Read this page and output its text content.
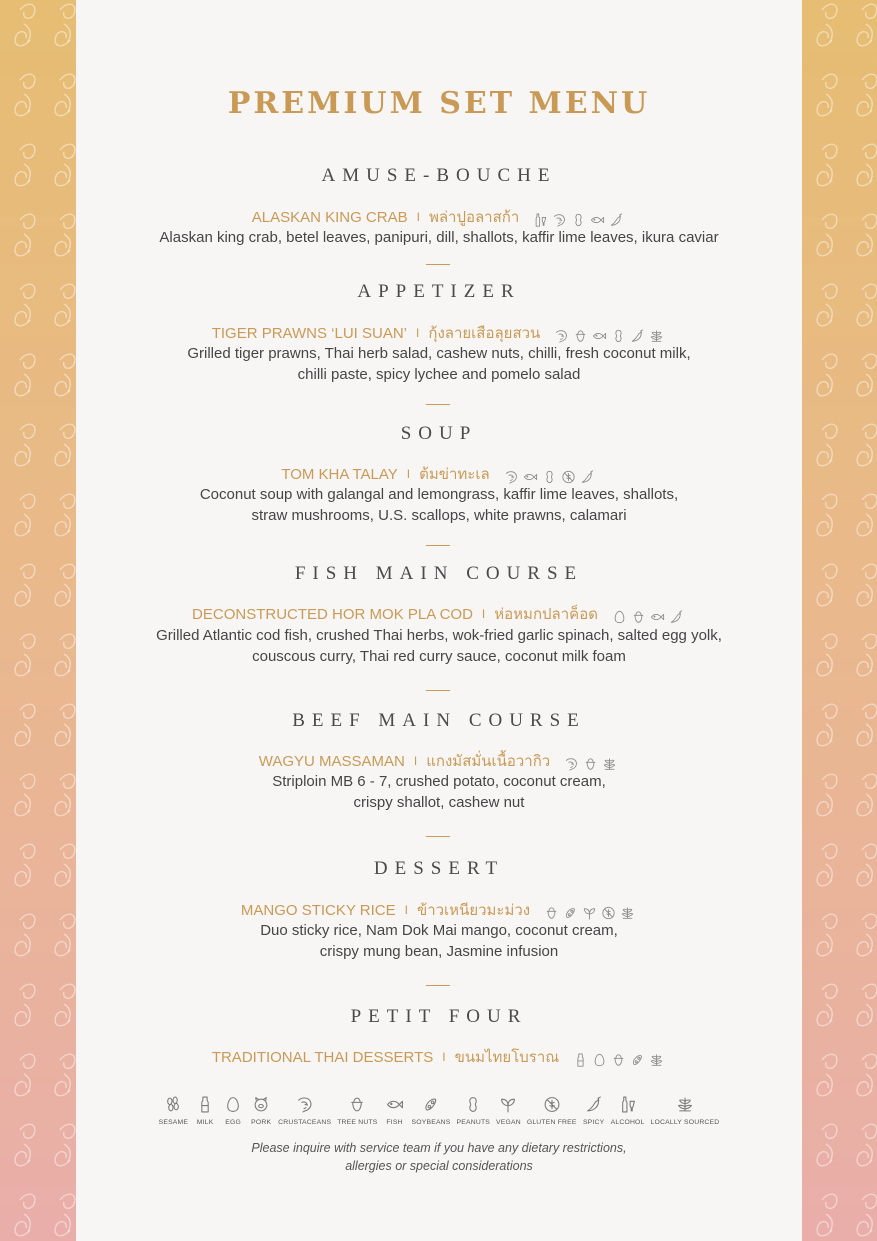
PREMIUM SET MENU
AMUSE-BOUCHE
ALASKAN KING CRAB I พล่าปูอลาสก้า
Alaskan king crab, betel leaves, panipuri, dill, shallots, kaffir lime leaves, ikura caviar
APPETIZER
TIGER PRAWNS ‘LUI SUAN’ I กุ้งลายเสือลุยสวน
Grilled tiger prawns, Thai herb salad, cashew nuts, chilli, fresh coconut milk,
chilli paste, spicy lychee and pomelo salad
SOUP
TOM KHA TALAY I ต้มข่าทะเล
Coconut soup with galangal and lemongrass, kaffir lime leaves, shallots,
straw mushrooms, U.S. scallops, white prawns, calamari
FISH MAIN COURSE
DECONSTRUCTED HOR MOK PLA COD I ห่อหมกปลาค็อด
Grilled Atlantic cod fish, crushed Thai herbs, wok-fried garlic spinach, salted egg yolk,
couscous curry, Thai red curry sauce, coconut milk foam
BEEF MAIN COURSE
WAGYU MASSAMAN I แกงมัสมั่นเนื้อวากิว
Striploin MB 6 - 7, crushed potato, coconut cream,
crispy shallot, cashew nut
DESSERT
MANGO STICKY RICE I ข้าวเหนียวมะม่วง
Duo sticky rice, Nam Dok Mai mango, coconut cream,
crispy mung bean, Jasmine infusion
PETIT FOUR
TRADITIONAL THAI DESSERTS I ขนมไทยโบราณ
SESAME MILK EGG PORK CRUSTACEANS TREE NUTS FISH SOYBEANS PEANUTS VEGAN GLUTEN FREE SPICY ALCOHOL LOCALLY SOURCED
Please inquire with service team if you have any dietary restrictions,
allergies or special considerations
